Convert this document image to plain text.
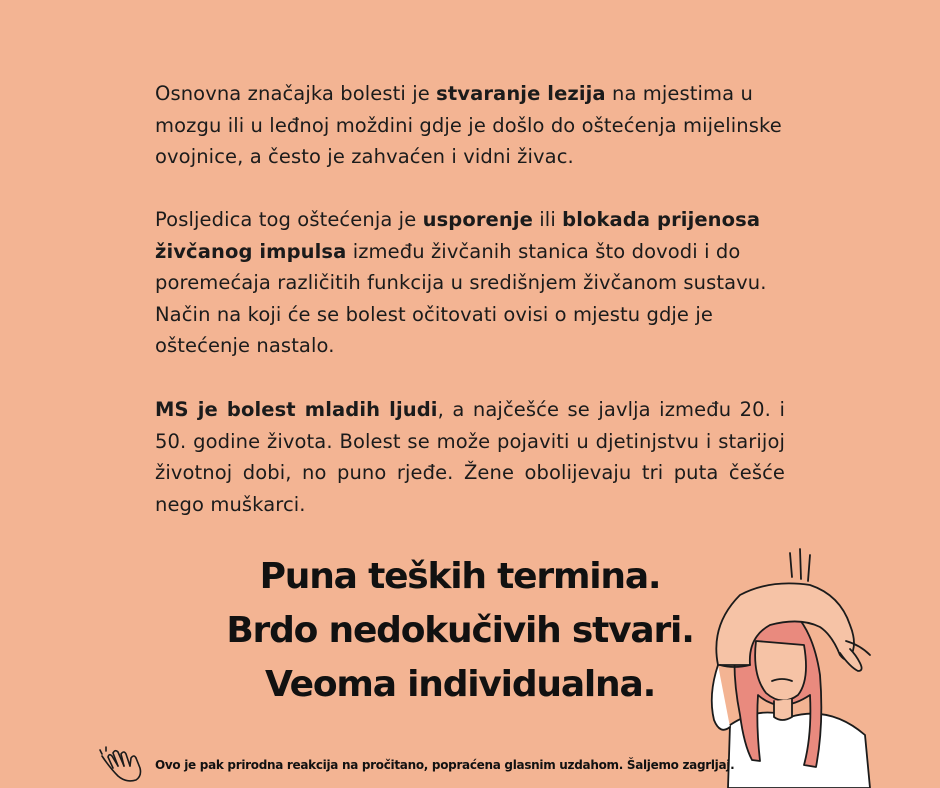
Osnovna značajka bolesti je stvaranje lezija na mjestima u mozgu ili u leđnoj moždini gdje je došlo do oštećenja mijelinske ovojnice, a često je zahvaćen i vidni živac.

Posljedica tog oštećenja je usporenje ili blokada prijenosa živčanog impulsa između živčanih stanica što dovodi i do poremećaja različitih funkcija u središnjem živčanom sustavu. Način na koji će se bolest očitovati ovisi o mjestu gdje je oštećenje nastalo.

MS je bolest mladih ljudi, a najčešće se javlja između 20. i 50. godine života. Bolest se može pojaviti u djetinjstvu i starijoj životnoj dobi, no puno rjeđe. Žene obolijevaju tri puta češće nego muškarci.

Puna teških termina.
Brdo nedokučivih stvari.
Veoma individualna.
Ovo je pak prirodna reakcija na pročitano, popraćena glasnim uzdahom. Šaljemo zagrljaj.
